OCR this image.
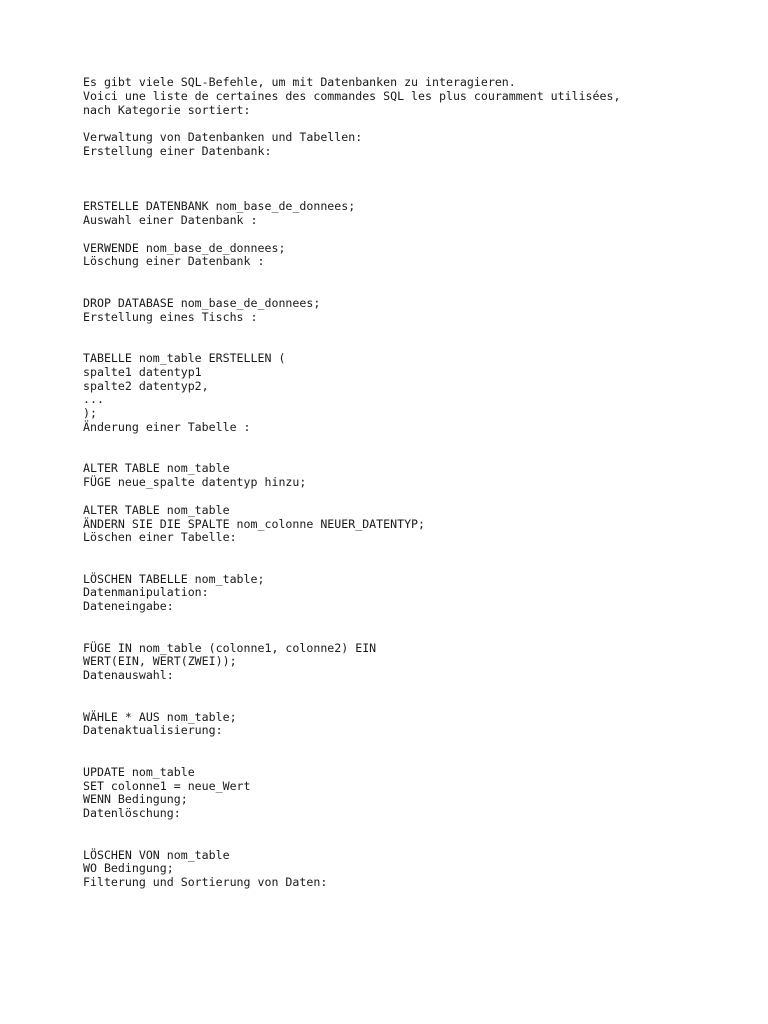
Es gibt viele SQL-Befehle, um mit Datenbanken zu interagieren.
Voici une liste de certaines des commandes SQL les plus couramment utilisées,
nach Kategorie sortiert:
Verwaltung von Datenbanken und Tabellen:
Erstellung einer Datenbank:
ERSTELLE DATENBANK nom_base_de_donnees;
Auswahl einer Datenbank :
VERWENDE nom_base_de_donnees;
Löschung einer Datenbank :
DROP DATABASE nom_base_de_donnees;
Erstellung eines Tischs :
TABELLE nom_table ERSTELLEN (
spalte1 datentyp1
spalte2 datentyp2,
...
);
Änderung einer Tabelle :
ALTER TABLE nom_table
FÜGE neue_spalte datentyp hinzu;
ALTER TABLE nom_table
ÄNDERN SIE DIE SPALTE nom_colonne NEUER_DATENTYP;
Löschen einer Tabelle:
LÖSCHEN TABELLE nom_table;
Datenmanipulation:
Dateneingabe:
FÜGE IN nom_table (colonne1, colonne2) EIN
WERT(EIN, WERT(ZWEI));
Datenauswahl:
WÄHLE * AUS nom_table;
Datenaktualisierung:
UPDATE nom_table
SET colonne1 = neue_Wert
WENN Bedingung;
Datenlöschung:
LÖSCHEN VON nom_table
WO Bedingung;
Filterung und Sortierung von Daten:
